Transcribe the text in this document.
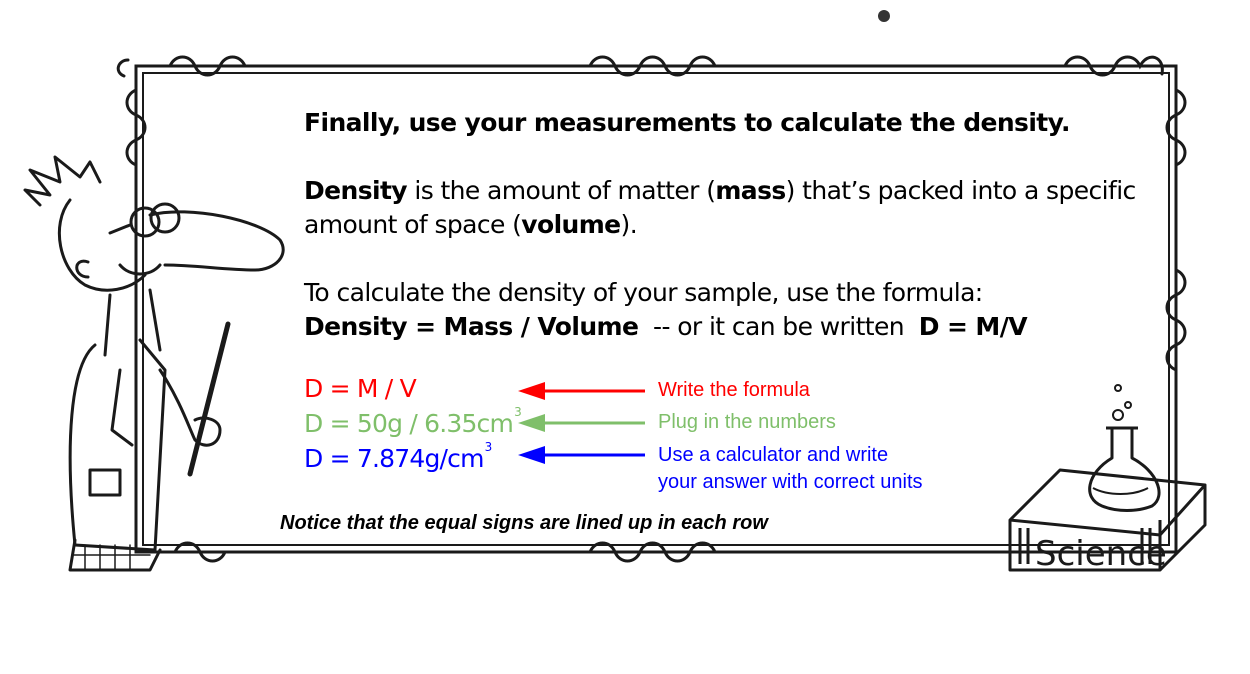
Science
Finally, use your measurements to calculate the density.
Density is the amount of matter (mass) that’s packed into a specific
amount of space (volume).
To calculate the density of your sample, use the formula:
Density = Mass / Volume  -- or it can be written  D = M/V
D = M / V
$D = 50g / 6.35cm^3$
$D = 7.874g/cm^3$
Write the formula
Plug in the numbers
Use a calculator and write
your answer with correct units
Notice that the equal signs are lined up in each row
